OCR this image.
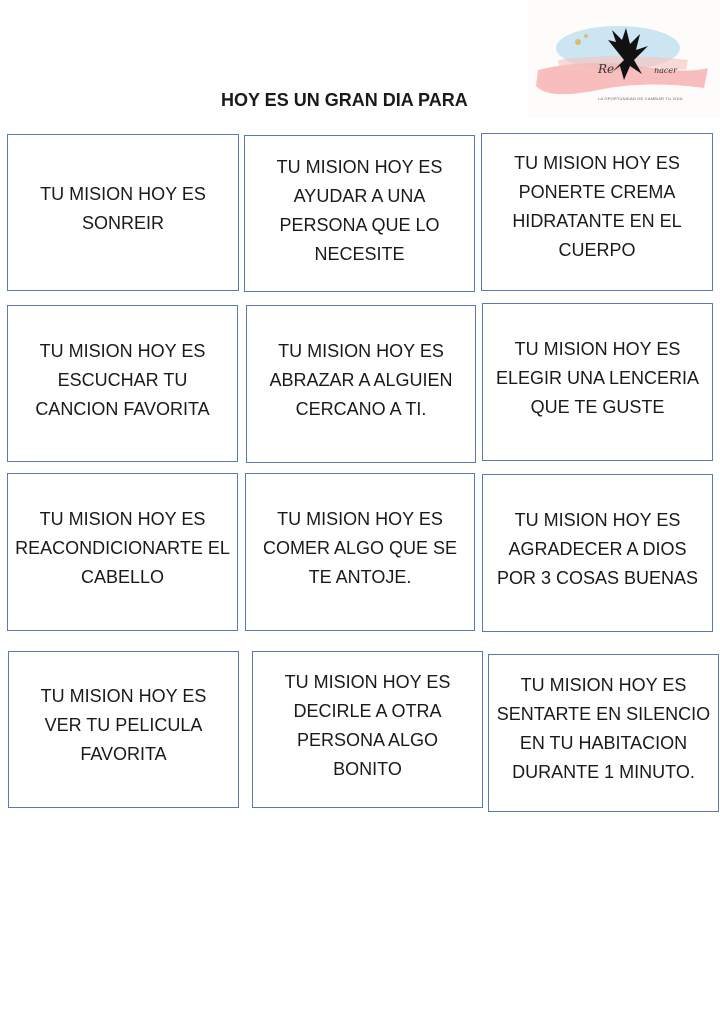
Re	nacer
LA OPORTUNIDAD DE CAMBIAR TU VIDA
HOY ES UN GRAN DIA PARA
TU MISION HOY ES
SONREIR
TU MISION HOY ES
AYUDAR A UNA
PERSONA QUE LO
NECESITE
TU MISION HOY ES
PONERTE CREMA
HIDRATANTE EN EL
CUERPO
TU MISION HOY ES
ESCUCHAR TU
CANCION FAVORITA
TU MISION HOY ES
ABRAZAR A ALGUIEN
CERCANO A TI.
TU MISION HOY ES
ELEGIR UNA LENCERIA
QUE TE GUSTE
TU MISION HOY ES
REACONDICIONARTE EL
CABELLO
TU MISION HOY ES
COMER ALGO QUE SE
TE ANTOJE.
TU MISION HOY ES
AGRADECER A DIOS
POR 3 COSAS BUENAS
TU MISION HOY ES
VER TU PELICULA
FAVORITA
TU MISION HOY ES
DECIRLE A OTRA
PERSONA ALGO
BONITO
TU MISION HOY ES
SENTARTE EN SILENCIO
EN TU HABITACION
DURANTE 1 MINUTO.
